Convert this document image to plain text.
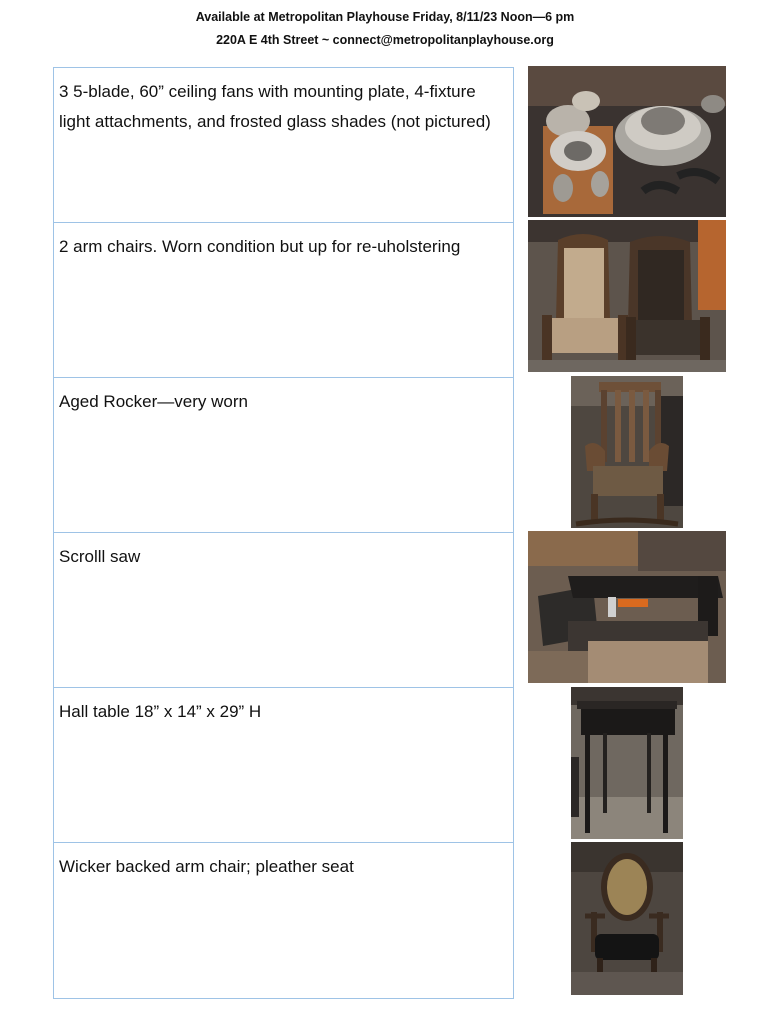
Available at Metropolitan Playhouse Friday, 8/11/23 Noon—6 pm
220A E 4th Street ~ connect@metropolitanplayhouse.org
3 5-blade, 60” ceiling fans with mounting plate, 4-fixture light attachments, and frosted glass shades (not pictured)
2 arm chairs. Worn condition but up for re-uholstering
Aged Rocker—very worn
Scrolll saw
Hall table 18” x 14” x 29” H
Wicker backed arm chair; pleather seat
